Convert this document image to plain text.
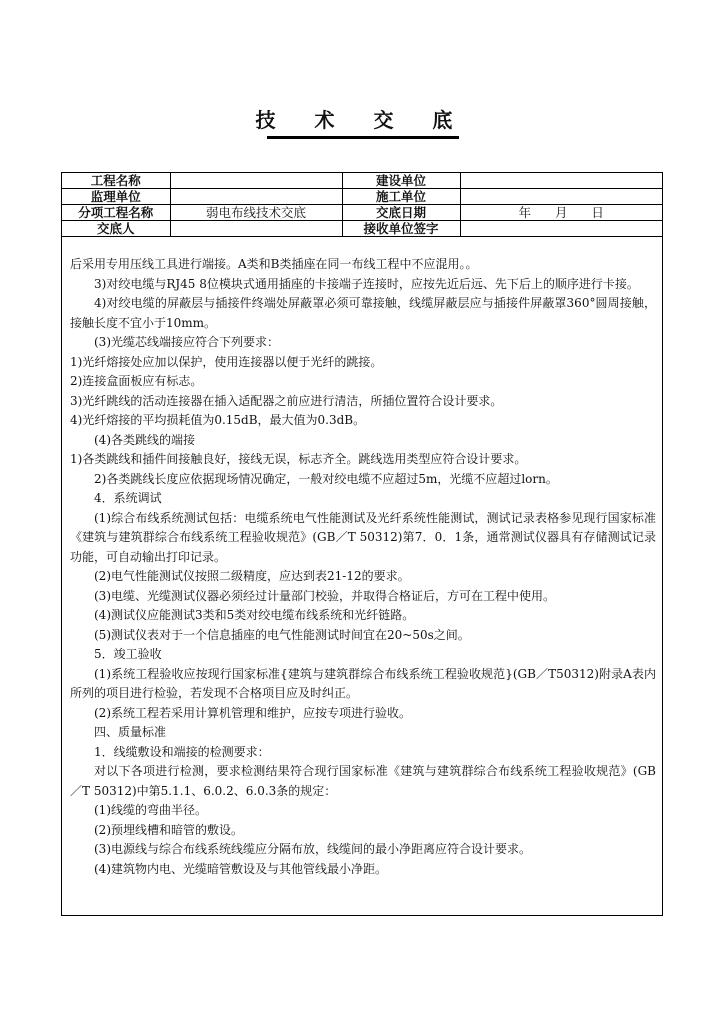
技 术 交 底
工程名称		建设单位	
监理单位		施工单位	
分项工程名称	弱电布线技术交底	交底日期	年      月      日
交底人		接收单位签字	

后采用专用压线工具进行端接。A类和B类插座在同一布线工程中不应混用。。

3)对绞电缆与RJ45 8位模块式通用插座的卡接端子连接时，应按先近后远、先下后上的顺序进行卡接。

4)对绞电缆的屏蔽层与插接件终端处屏蔽罩必须可靠接触，线缆屏蔽层应与插接件屏蔽罩360°圆周接触，接触长度不宜小于10mm。

(3)光缆芯线端接应符合下列要求：

1)光纤熔接处应加以保护，使用连接器以便于光纤的跳接。

2)连接盒面板应有标志。

3)光纤跳线的活动连接器在插入适配器之前应进行清洁，所插位置符合设计要求。

4)光纤熔接的平均损耗值为0.15dB，最大值为0.3dB。

(4)各类跳线的端接

1)各类跳线和插件间接触良好，接线无误，标志齐全。跳线选用类型应符合设计要求。

2)各类跳线长度应依据现场情况确定，一般对绞电缆不应超过5m，光缆不应超过lorn。

4．系统调试

(1)综合布线系统测试包括：电缆系统电气性能测试及光纤系统性能测试，测试记录表格参见现行国家标准《建筑与建筑群综合布线系统工程验收规范》(GB／T 50312)第7．0．1条，通常测试仪器具有存储测试记录功能，可自动输出打印记录。

(2)电气性能测试仪按照二级精度，应达到表21-12的要求。

(3)电缆、光缆测试仪器必须经过计量部门校验，并取得合格证后，方可在工程中使用。

(4)测试仪应能测试3类和5类对绞电缆布线系统和光纤链路。

(5)测试仪表对于一个信息插座的电气性能测试时间宜在20~50s之间。

5．竣工验收

(1)系统工程验收应按现行国家标准{建筑与建筑群综合布线系统工程验收规范}(GB／T50312)附录A表内所列的项目进行检验，若发现不合格项目应及时纠正。

(2)系统工程若采用计算机管理和维护，应按专项进行验收。

四、质量标准

1．线缆敷设和端接的检测要求：

对以下各项进行检测，要求检测结果符合现行国家标准《建筑与建筑群综合布线系统工程验收规范》(GB／T 50312)中第5.1.1、6.0.2、6.0.3条的规定：

(1)线缆的弯曲半径。

(2)预埋线槽和暗管的敷设。

(3)电源线与综合布线系统线缆应分隔布放，线缆间的最小净距离应符合设计要求。

(4)建筑物内电、光缆暗管敷设及与其他管线最小净距。
